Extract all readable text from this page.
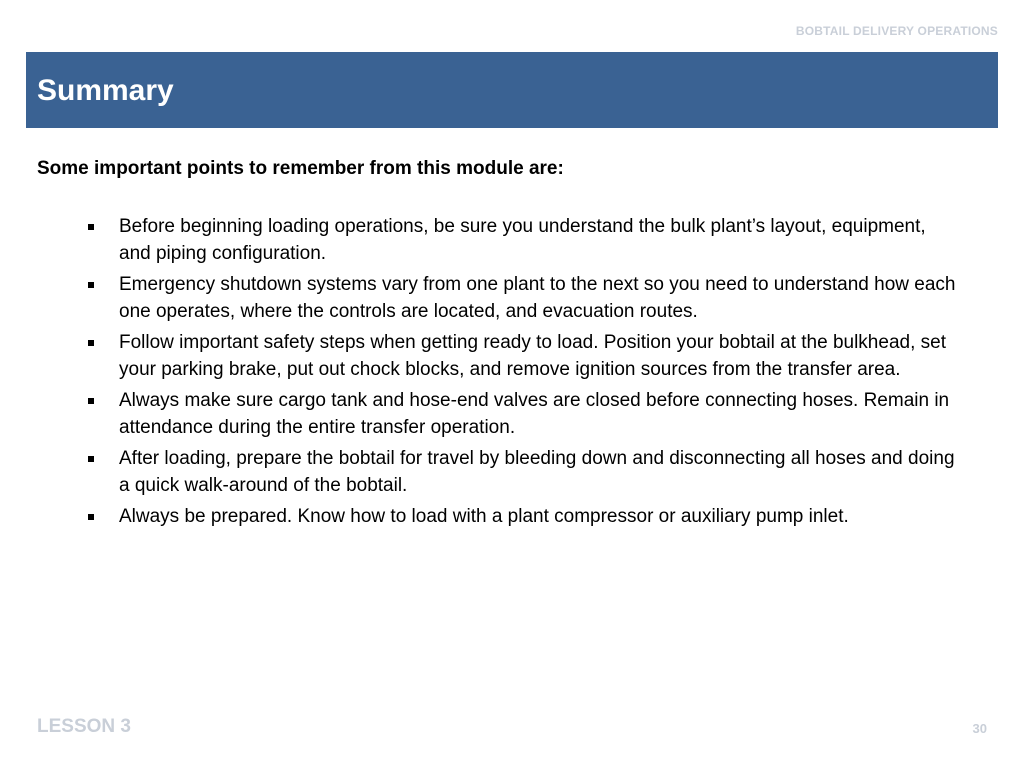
BOBTAIL DELIVERY OPERATIONS
Summary
Some important points to remember from this module are:
Before beginning loading operations, be sure you understand the bulk plant’s layout, equipment, and piping configuration.
Emergency shutdown systems vary from one plant to the next so you need to understand how each one operates, where the controls are located, and evacuation routes.
Follow important safety steps when getting ready to load. Position your bobtail at the bulkhead, set your parking brake, put out chock blocks, and remove ignition sources from the transfer area.
Always make sure cargo tank and hose-end valves are closed before connecting hoses. Remain in attendance during the entire transfer operation.
After loading, prepare the bobtail for travel by bleeding down and disconnecting all hoses and doing a quick walk-around of the bobtail.
Always be prepared. Know how to load with a plant compressor or auxiliary pump inlet.
LESSON 3	30
